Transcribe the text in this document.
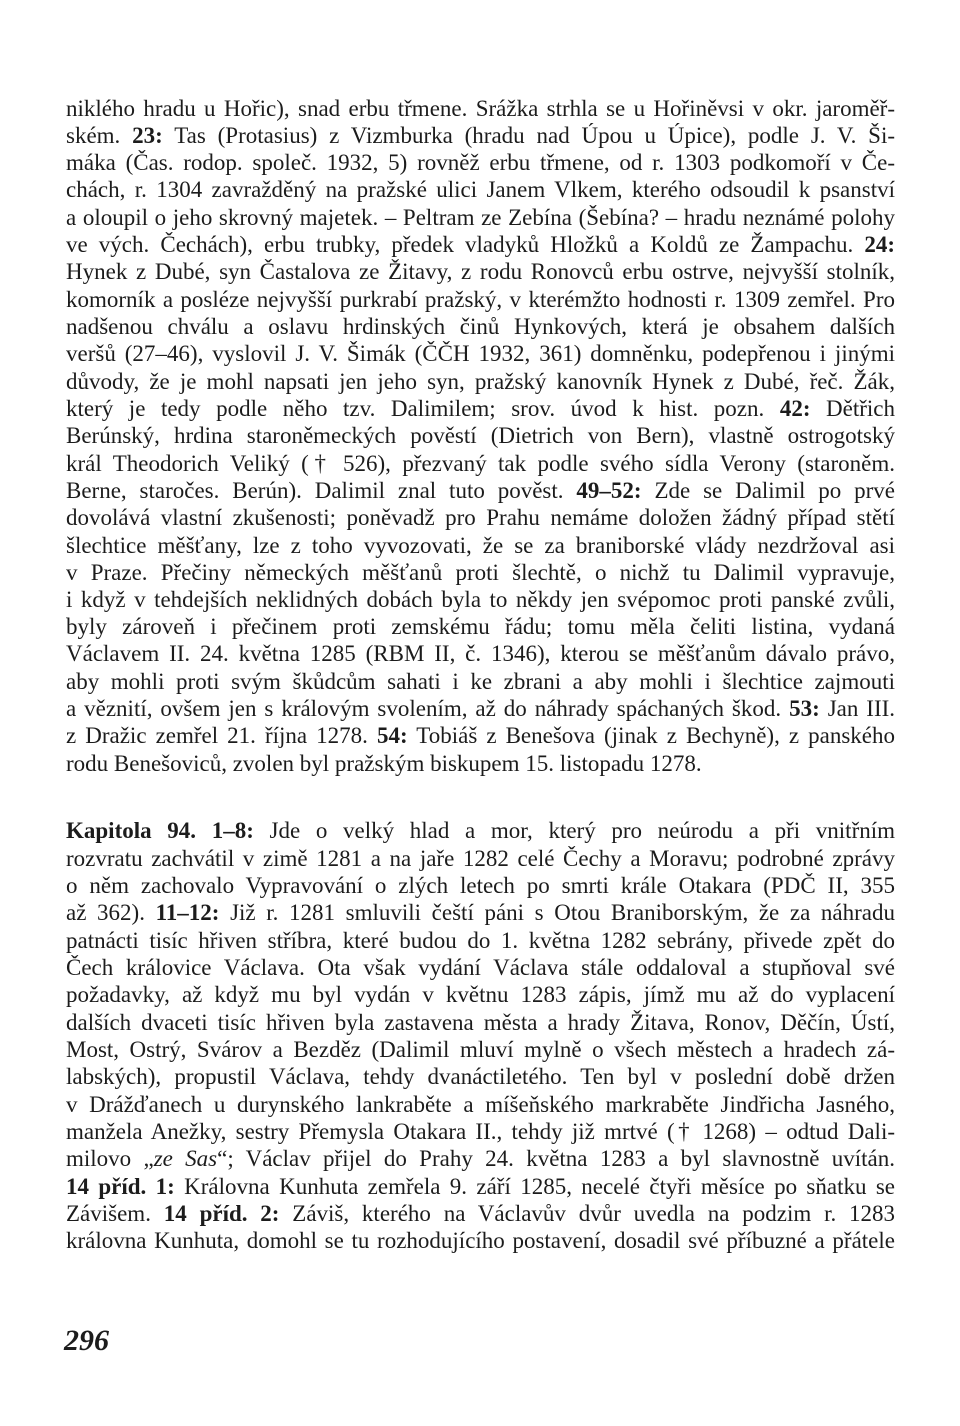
niklého hradu u Hořic), snad erbu třmene. Srážka strhla se u Hořiněvsi v okr. jaroměř-
ském. 23: Tas (Protasius) z Vizmburka (hradu nad Úpou u Úpice), podle J. V. Ši-
máka (Čas. rodop. společ. 1932, 5) rovněž erbu třmene, od r. 1303 podkomoří v Če-
chách, r. 1304 zavražděný na pražské ulici Janem Vlkem, kterého odsoudil k psanství
a oloupil o jeho skrovný majetek. – Peltram ze Zebína (Šebína? – hradu neznámé polohy
ve vých. Čechách), erbu trubky, předek vladyků Hložků a Koldů ze Žampachu. 24:
Hynek z Dubé, syn Častalova ze Žitavy, z rodu Ronovců erbu ostrve, nejvyšší stolník,
komorník a posléze nejvyšší purkrabí pražský, v kterémžto hodnosti r. 1309 zemřel. Pro
nadšenou chválu a oslavu hrdinských činů Hynkových, která je obsahem dalších
veršů (27–46), vyslovil J. V. Šimák (ČČH 1932, 361) domněnku, podepřenou i jinými
důvody, že je mohl napsati jen jeho syn, pražský kanovník Hynek z Dubé, řeč. Žák,
který je tedy podle něho tzv. Dalimilem; srov. úvod k hist. pozn. 42: Dětřich
Berúnský, hrdina staroněmeckých pověstí (Dietrich von Bern), vlastně ostrogotský
král Theodorich Veliký († 526), přezvaný tak podle svého sídla Verony (staroněm.
Berne, staročes. Berún). Dalimil znal tuto pověst. 49–52: Zde se Dalimil po prvé
dovolává vlastní zkušenosti; poněvadž pro Prahu nemáme doložen žádný případ stětí
šlechtice měšťany, lze z toho vyvozovati, že se za braniborské vlády nezdržoval asi
v Praze. Přečiny německých měšťanů proti šlechtě, o nichž tu Dalimil vypravuje,
i když v tehdejších neklidných dobách byla to někdy jen svépomoc proti panské zvůli,
byly zároveň i přečinem proti zemskému řádu; tomu měla čeliti listina, vydaná
Václavem II. 24. května 1285 (RBM II, č. 1346), kterou se měšťanům dávalo právo,
aby mohli proti svým škůdcům sahati i ke zbrani a aby mohli i šlechtice zajmouti
a věznití, ovšem jen s královým svolením, až do náhrady spáchaných škod. 53: Jan III.
z Dražic zemřel 21. října 1278. 54: Tobiáš z Benešova (jinak z Bechyně), z panského
rodu Benešoviců, zvolen byl pražským biskupem 15. listopadu 1278.
Kapitola 94. 1–8: Jde o velký hlad a mor, který pro neúrodu a při vnitřním
rozvratu zachvátil v zimě 1281 a na jaře 1282 celé Čechy a Moravu; podrobné zprávy
o něm zachovalo Vypravování o zlých letech po smrti krále Otakara (PDČ II, 355
až 362). 11–12: Již r. 1281 smluvili čeští páni s Otou Braniborským, že za náhradu
patnácti tisíc hřiven stříbra, které budou do 1. května 1282 sebrány, přivede zpět do
Čech královice Václava. Ota však vydání Václava stále oddaloval a stupňoval své
požadavky, až když mu byl vydán v květnu 1283 zápis, jímž mu až do vyplacení
dalších dvaceti tisíc hřiven byla zastavena města a hrady Žitava, Ronov, Děčín, Ústí,
Most, Ostrý, Svárov a Bezděz (Dalimil mluví mylně o všech městech a hradech zá-
labských), propustil Václava, tehdy dvanáctiletého. Ten byl v poslední době držen
v Drážďanech u durynského lankraběte a míšeňského markraběte Jindřicha Jasného,
manžela Anežky, sestry Přemysla Otakara II., tehdy již mrtvé († 1268) – odtud Dali-
milovo „ze Sas“; Václav přijel do Prahy 24. května 1283 a byl slavnostně uvítán.
14 příd. 1: Královna Kunhuta zemřela 9. září 1285, necelé čtyři měsíce po sňatku se
Závišem. 14 příd. 2: Záviš, kterého na Václavův dvůr uvedla na podzim r. 1283
královna Kunhuta, domohl se tu rozhodujícího postavení, dosadil své příbuzné a přátele
296
